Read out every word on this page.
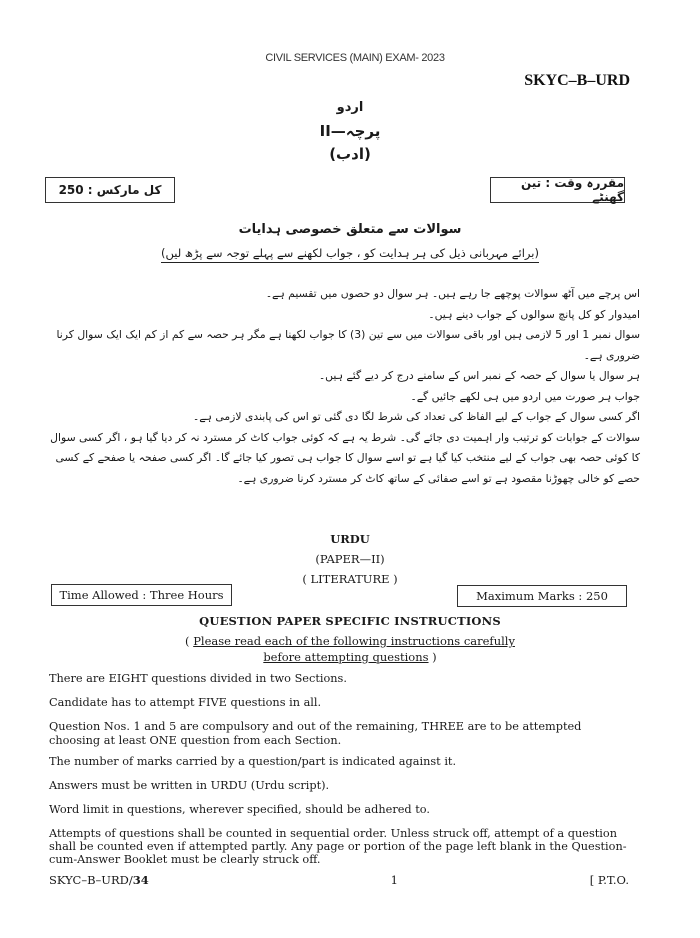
CIVIL SERVICES (MAIN) EXAM- 2023
SKYC–B–URD
اردو
پرچہ—II
(ادب)
کل مارکس : 250	مقررہ وقت : تین گھنٹے
سوالات سے متعلق خصوصی ہدایات
(برائے مہربانی ذیل کی ہر ہدایت کو ، جواب لکھنے سے پہلے توجہ سے پڑھ لیں)

اس پرچے میں آٹھ سوالات پوچھے جا رہے ہیں۔ ہر سوال دو حصوں میں تقسیم ہے۔

امیدوار کو کل پانچ سوالوں کے جواب دینے ہیں۔

سوال نمبر 1 اور 5 لازمی ہیں اور باقی سوالات میں سے تین (3) کا جواب لکھنا ہے مگر ہر حصہ سے کم از کم ایک ایک سوال کرنا ضروری ہے۔

ہر سوال یا سوال کے حصہ کے نمبر اس کے سامنے درج کر دیے گئے ہیں۔

جواب ہر صورت میں اردو میں ہی لکھے جائیں گے۔

اگر کسی سوال کے جواب کے لیے الفاظ کی تعداد کی شرط لگا دی گئی تو اس کی پابندی لازمی ہے۔

سوالات کے جوابات کو ترتیب وار اہمیت دی جائے گی۔ شرط یہ ہے کہ کوئی جواب کاٹ کر مسترد نہ کر دیا گیا ہو ، اگر کسی سوال کا کوئی حصہ بھی جواب کے لیے منتخب کیا گیا ہے تو اسے سوال کا جواب ہی تصور کیا جائے گا۔ اگر کسی صفحہ یا صفحے کے کسی حصے کو خالی چھوڑنا مقصود ہے تو اسے صفائی کے ساتھ کاٹ کر مسترد کرنا ضروری ہے۔

URDU
(PAPER—II)
( LITERATURE )
Time Allowed : Three Hours	Maximum Marks : 250
QUESTION PAPER SPECIFIC INSTRUCTIONS
( Please read each of the following instructions carefully
before attempting questions )
There are EIGHT questions divided in two Sections.
Candidate has to attempt FIVE questions in all.
Question Nos. 1 and 5 are compulsory and out of the remaining, THREE are to be attempted choosing at least ONE question from each Section.
The number of marks carried by a question/part is indicated against it.
Answers must be written in URDU (Urdu script).
Word limit in questions, wherever specified, should be adhered to.
Attempts of questions shall be counted in sequential order. Unless struck off, attempt of a question shall be counted even if attempted partly. Any page or portion of the page left blank in the Question-cum-Answer Booklet must be clearly struck off.
SKYC–B–URD/34	1	[ P.T.O.
